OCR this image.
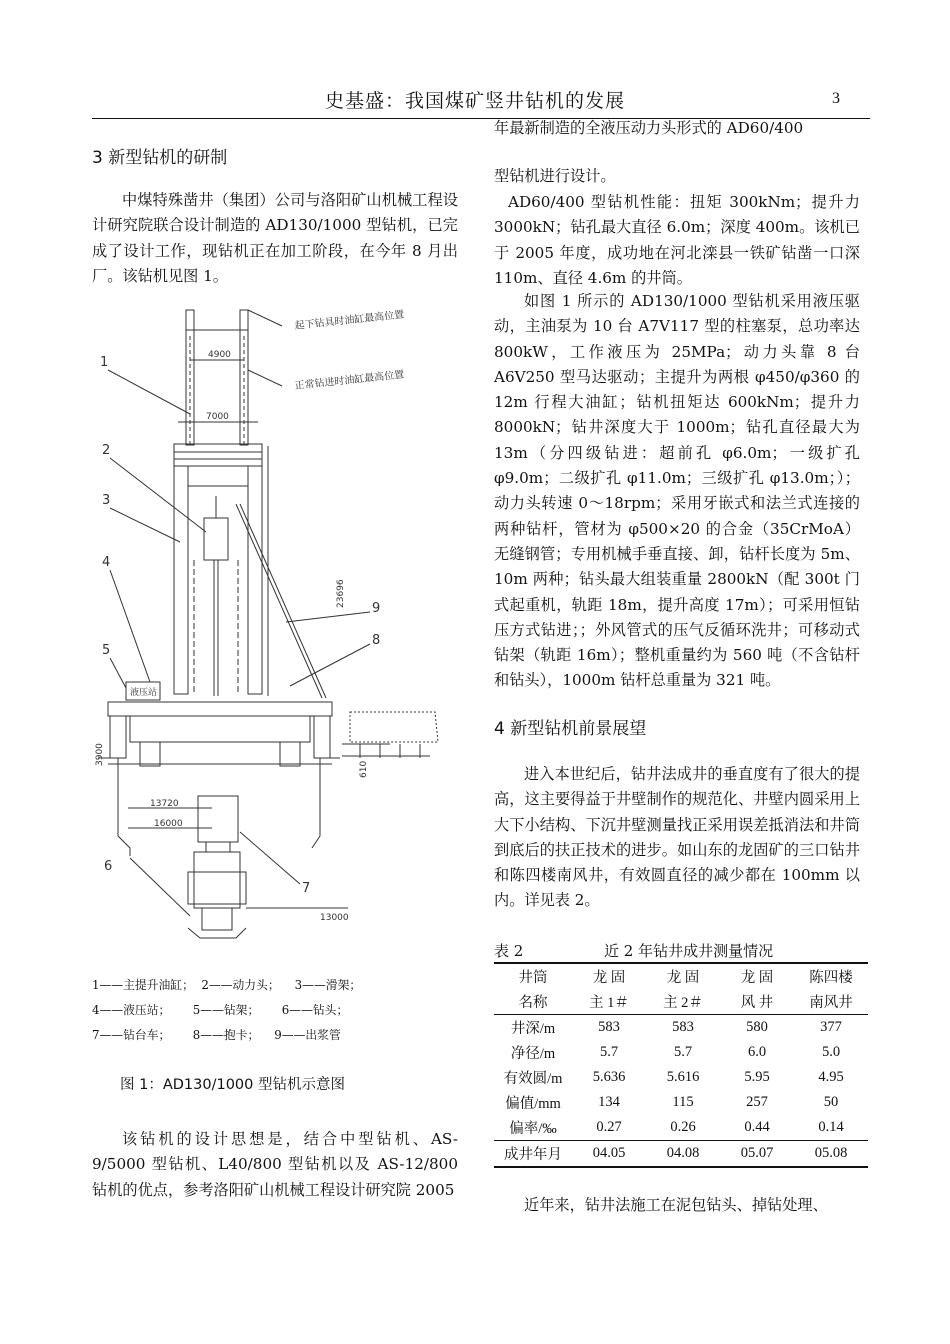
史基盛：我国煤矿竖井钻机的发展	3
3 新型钻机的研制

中煤特殊凿井（集团）公司与洛阳矿山机械工程设计研究院联合设计制造的 AD130/1000 型钻机，已完成了设计工作，现钻机正在加工阶段，在今年 8 月出厂。该钻机见图 1。

4900
7000
23696
起下钻具时油缸最高位置
正常钻进时油缸最高位置
液压站
3900
610
13720
16000
13000
1
2
3
4
5
6
7
8
9
1——主提升油缸；  2——动力头；    3——滑架；
4——液压站；      5——钻架；      6——钻头；
7——钻台车；      8——抱卡；    9——出浆管
图 1：AD130/1000 型钻机示意图

该钻机的设计思想是，结合中型钻机、AS-9/5000 型钻机、L40/800 型钻机以及 AS-12/800 钻机的优点，参考洛阳矿山机械工程设计研究院 2005

年最新制造的全液压动力头形式的 AD60/400
型钻机进行设计。

AD60/400 型钻机性能：扭矩 300kNm；提升力 3000kN；钻孔最大直径 6.0m；深度 400m。该机已于 2005 年度，成功地在河北滦县一铁矿钻凿一口深 110m、直径 4.6m 的井筒。

如图 1 所示的 AD130/1000 型钻机采用液压驱动，主油泵为 10 台 A7V117 型的柱塞泵，总功率达 800kW，工作液压为 25MPa；动力头靠 8 台 A6V250 型马达驱动；主提升为两根 φ450/φ360 的 12m 行程大油缸；钻机扭矩达 600kNm；提升力 8000kN；钻井深度大于 1000m；钻孔直径最大为 13m（分四级钻进：超前孔 φ6.0m；一级扩孔 φ9.0m；二级扩孔 φ11.0m；三级扩孔 φ13.0m；）；动力头转速 0～18rpm；采用牙嵌式和法兰式连接的两种钻杆，管材为 φ500×20 的合金（35CrMoA）无缝钢管；专用机械手垂直接、卸，钻杆长度为 5m、10m 两种；钻头最大组装重量 2800kN（配 300t 门式起重机，轨距 18m，提升高度 17m）；可采用恒钻压方式钻进；；外风管式的压气反循环洗井；可移动式钻架（轨距 16m）；整机重量约为 560 吨（不含钻杆和钻头），1000m 钻杆总重量为 321 吨。

4 新型钻机前景展望

进入本世纪后，钻井法成井的垂直度有了很大的提高，这主要得益于井壁制作的规范化、井壁内圆采用上大下小结构、下沉井壁测量找正采用误差抵消法和井筒到底后的扶正技术的进步。如山东的龙固矿的三口钻井和陈四楼南风井，有效圆直径的减少都在 100mm 以内。详见表 2。

表 2	近 2 年钻井成井测量情况
井筒	龙 固	龙 固	龙 固	陈四楼
名称	主 1＃	主 2＃	风 井	南风井
井深/m	583	583	580	377
净径/m	5.7	5.7	6.0	5.0
有效圆/m	5.636	5.616	5.95	4.95
偏值/mm	134	115	257	50
偏率/‰	0.27	0.26	0.44	0.14
成井年月	04.05	04.08	05.07	05.08
近年来，钻井法施工在泥包钻头、掉钻处理、
